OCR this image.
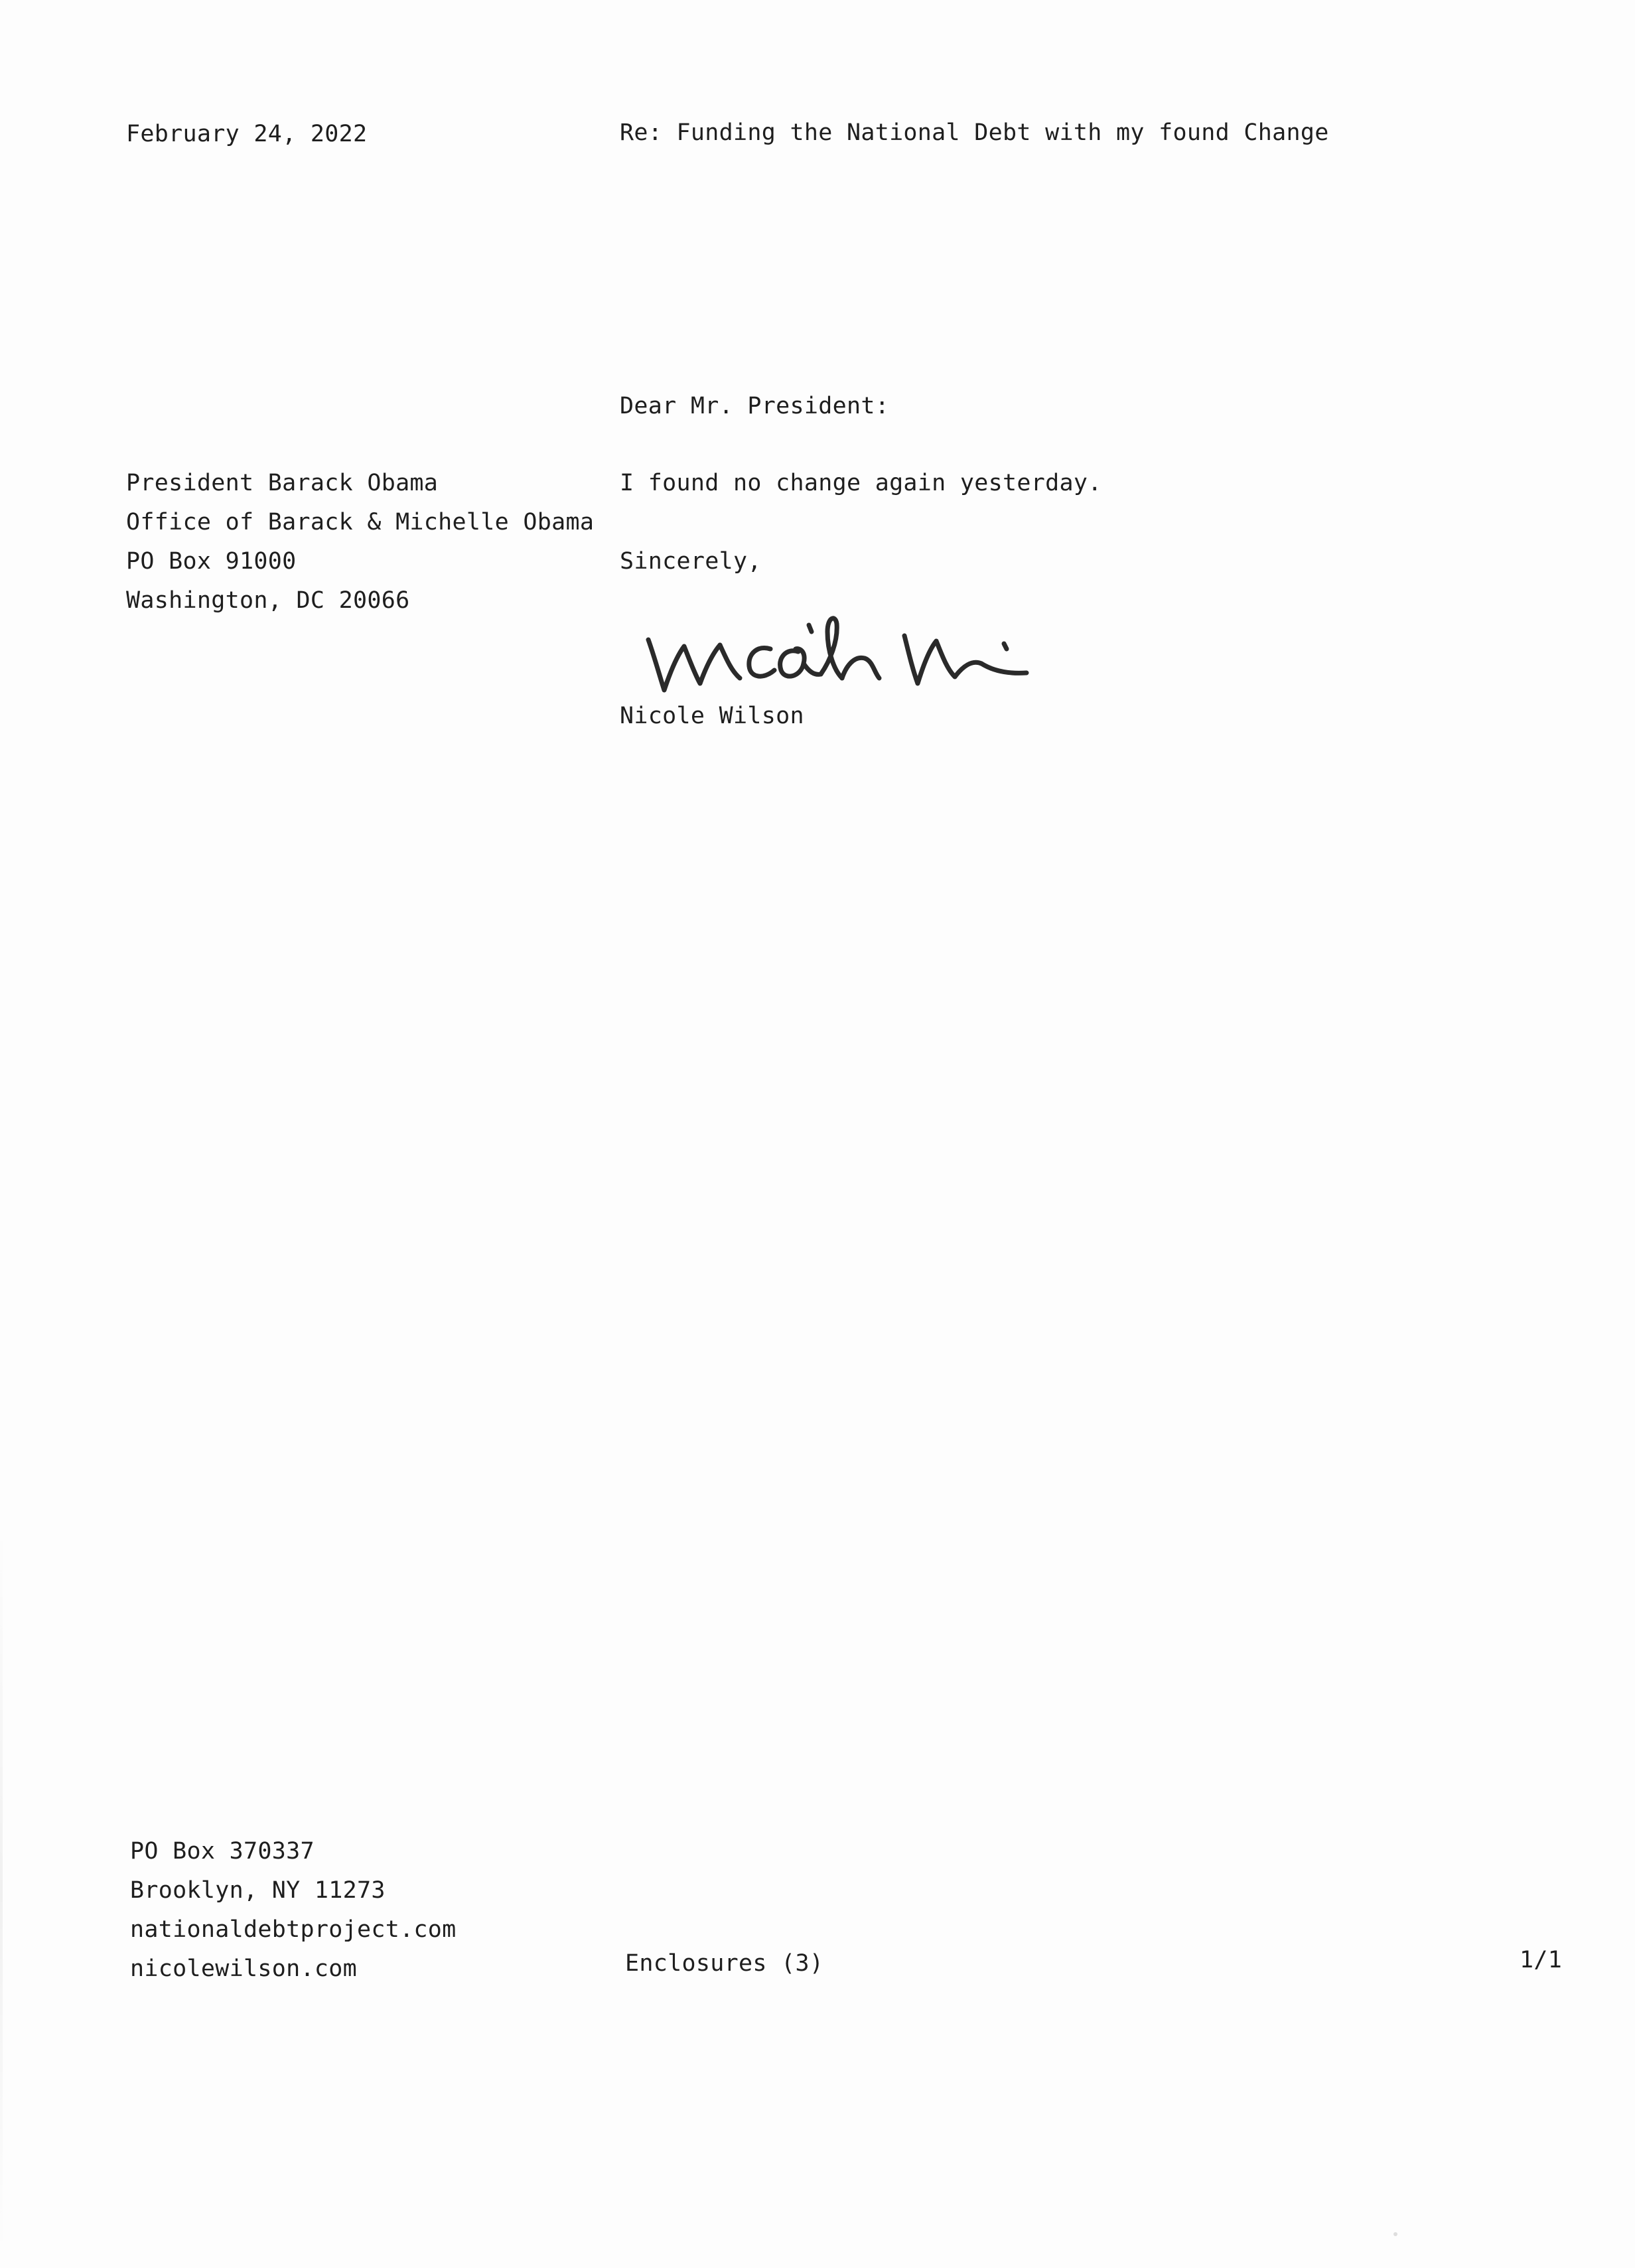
February 24, 2022	Re: Funding the National Debt with my found Change
Dear Mr. President:
President Barack Obama
Office of Barack & Michelle Obama
PO Box 91000
Washington, DC 20066
I found no change again yesterday.
Sincerely,
Nicole Wilson
PO Box 370337
Brooklyn, NY 11273
nationaldebtproject.com
nicolewilson.com	Enclosures (3)	1/1
